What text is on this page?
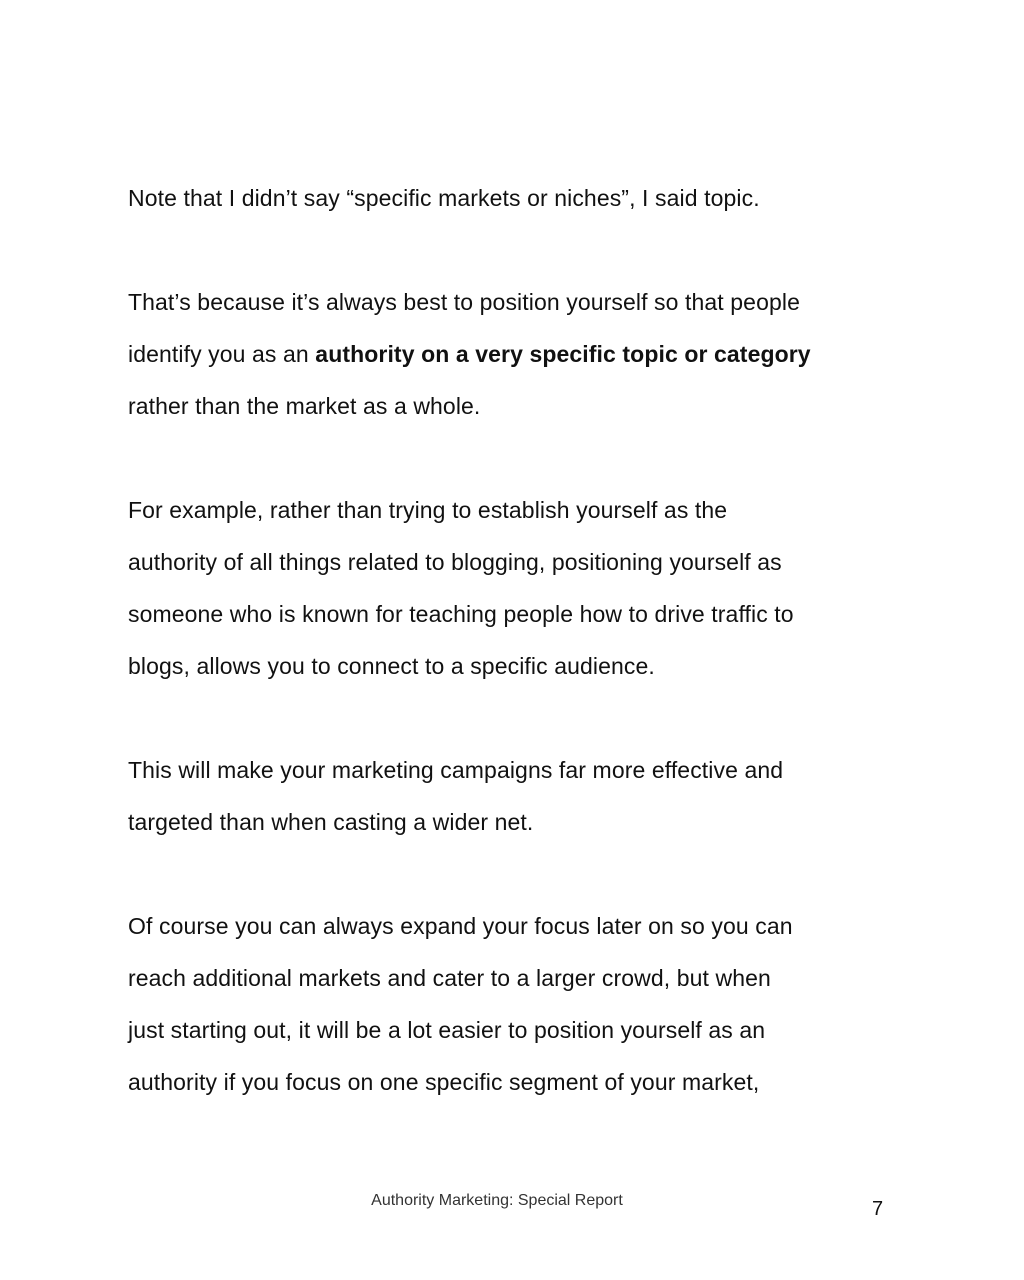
Note that I didn’t say “specific markets or niches”, I said topic.

That’s because it’s always best to position yourself so that people
identify you as an authority on a very specific topic or category
rather than the market as a whole.

For example, rather than trying to establish yourself as the
authority of all things related to blogging, positioning yourself as
someone who is known for teaching people how to drive traffic to
blogs, allows you to connect to a specific audience.

This will make your marketing campaigns far more effective and
targeted than when casting a wider net.

Of course you can always expand your focus later on so you can
reach additional markets and cater to a larger crowd, but when
just starting out, it will be a lot easier to position yourself as an
authority if you focus on one specific segment of your market,

Authority Marketing: Special Report	7
